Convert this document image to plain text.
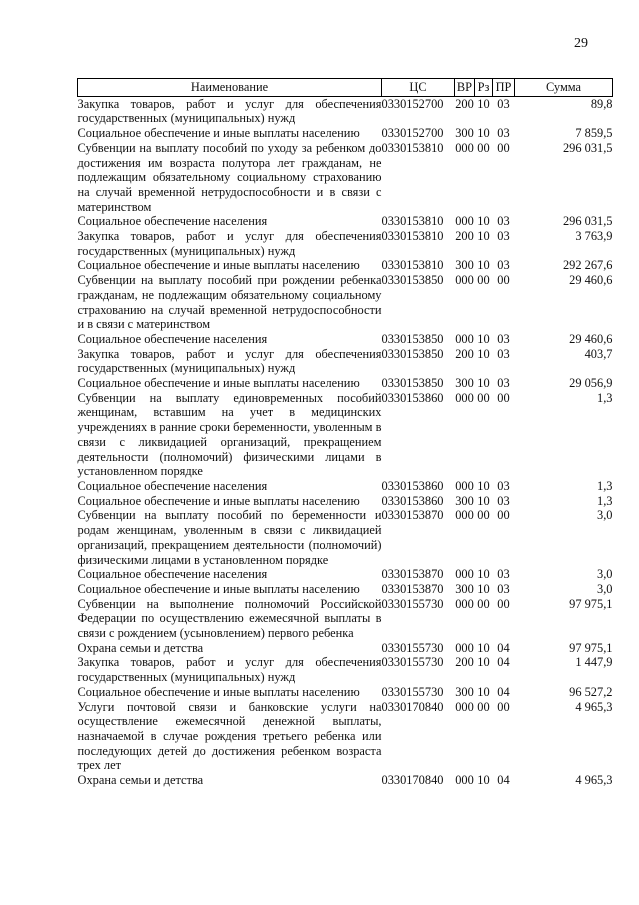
29
Наименование	ЦС	ВР	Рз	ПР	Сумма
Закупка товаров, работ и услуг для обеспечения государственных (муниципальных) нужд	0330152700	200	10	03	89,8
Социальное обеспечение и иные выплаты населению	0330152700	300	10	03	7 859,5
Субвенции на выплату пособий по уходу за ребенком до достижения им возраста полутора лет гражданам, не подлежащим обязательному социальному страхованию на случай временной нетрудоспособности и в связи с материнством	0330153810	000	00	00	296 031,5
Социальное обеспечение населения	0330153810	000	10	03	296 031,5
Закупка товаров, работ и услуг для обеспечения государственных (муниципальных) нужд	0330153810	200	10	03	3 763,9
Социальное обеспечение и иные выплаты населению	0330153810	300	10	03	292 267,6
Субвенции на выплату пособий при рождении ребенка гражданам, не подлежащим обязательному социальному страхованию на случай временной нетрудоспособности и в связи с материнством	0330153850	000	00	00	29 460,6
Социальное обеспечение населения	0330153850	000	10	03	29 460,6
Закупка товаров, работ и услуг для обеспечения государственных (муниципальных) нужд	0330153850	200	10	03	403,7
Социальное обеспечение и иные выплаты населению	0330153850	300	10	03	29 056,9
Субвенции на выплату единовременных пособий женщинам, вставшим на учет в медицинских учреждениях в ранние сроки беременности, уволенным в связи с ликвидацией организаций, прекращением деятельности (полномочий) физическими лицами в установленном порядке	0330153860	000	00	00	1,3
Социальное обеспечение населения	0330153860	000	10	03	1,3
Социальное обеспечение и иные выплаты населению	0330153860	300	10	03	1,3
Субвенции на выплату пособий по беременности и родам женщинам, уволенным в связи с ликвидацией организаций, прекращением деятельности (полномочий) физическими лицами в установленном порядке	0330153870	000	00	00	3,0
Социальное обеспечение населения	0330153870	000	10	03	3,0
Социальное обеспечение и иные выплаты населению	0330153870	300	10	03	3,0
Субвенции на выполнение полномочий Российской Федерации по осуществлению ежемесячной выплаты в связи с рождением (усыновлением) первого ребенка	0330155730	000	00	00	97 975,1
Охрана семьи и детства	0330155730	000	10	04	97 975,1
Закупка товаров, работ и услуг для обеспечения государственных (муниципальных) нужд	0330155730	200	10	04	1 447,9
Социальное обеспечение и иные выплаты населению	0330155730	300	10	04	96 527,2
Услуги почтовой связи и банковские услуги на осуществление ежемесячной денежной выплаты, назначаемой в случае рождения третьего ребенка или последующих детей до достижения ребенком возраста трех лет	0330170840	000	00	00	4 965,3
Охрана семьи и детства	0330170840	000	10	04	4 965,3
